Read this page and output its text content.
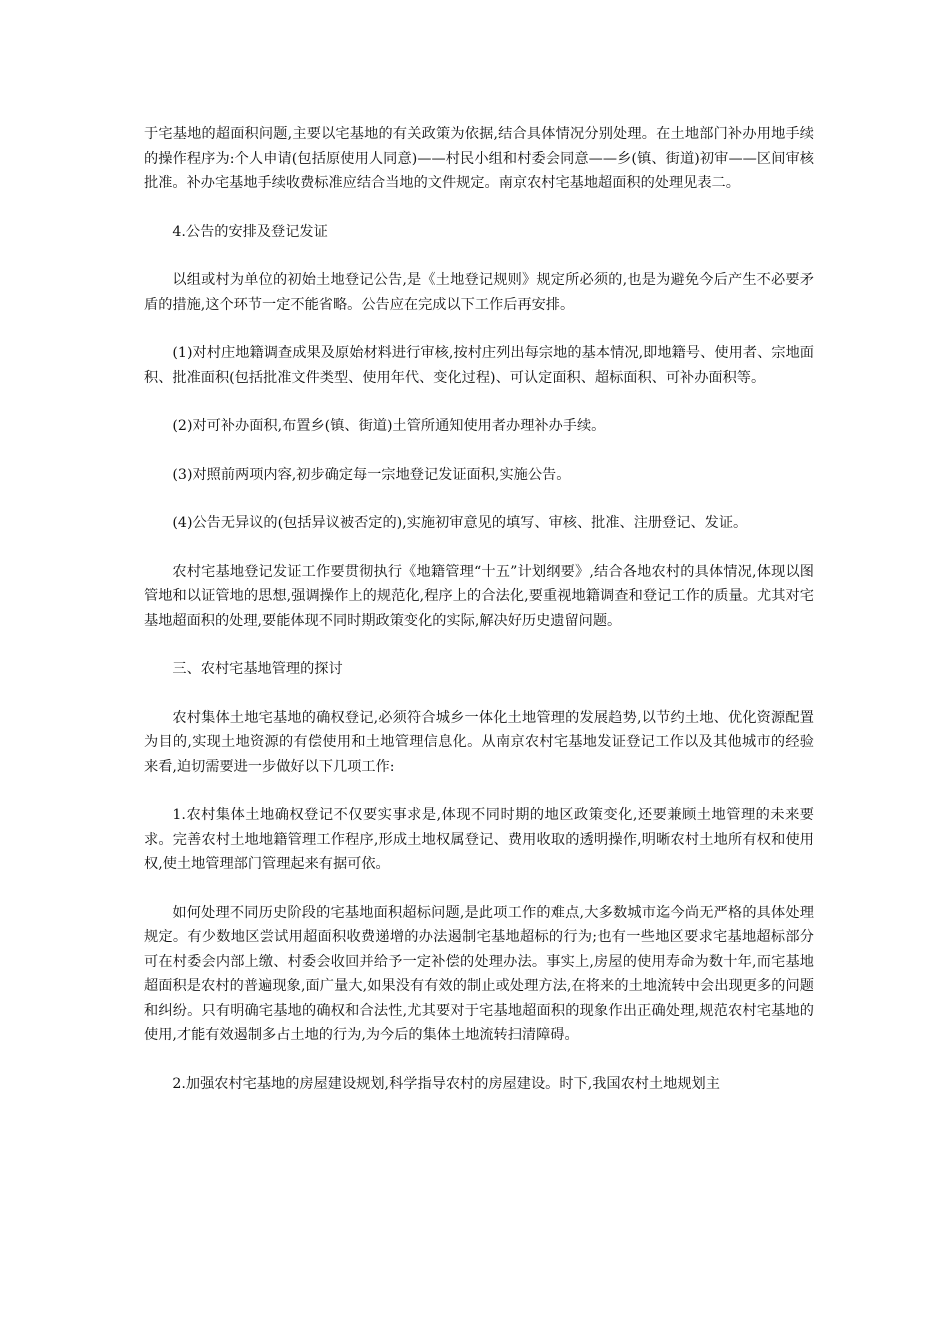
于宅基地的超面积问题,主要以宅基地的有关政策为依据,结合具体情况分别处理。在土地部门补办用地手续的操作程序为:个人申请(包括原使用人同意)——村民小组和村委会同意——乡(镇、街道)初审——区间审核批准。补办宅基地手续收费标准应结合当地的文件规定。南京农村宅基地超面积的处理见表二。

4.公告的安排及登记发证

以组或村为单位的初始土地登记公告,是《土地登记规则》规定所必须的,也是为避免今后产生不必要矛盾的措施,这个环节一定不能省略。公告应在完成以下工作后再安排。

(1)对村庄地籍调查成果及原始材料进行审核,按村庄列出每宗地的基本情况,即地籍号、使用者、宗地面积、批准面积(包括批准文件类型、使用年代、变化过程)、可认定面积、超标面积、可补办面积等。

(2)对可补办面积,布置乡(镇、街道)土管所通知使用者办理补办手续。

(3)对照前两项内容,初步确定每一宗地登记发证面积,实施公告。

(4)公告无异议的(包括异议被否定的),实施初审意见的填写、审核、批准、注册登记、发证。

农村宅基地登记发证工作要贯彻执行《地籍管理“十五”计划纲要》,结合各地农村的具体情况,体现以图管地和以证管地的思想,强调操作上的规范化,程序上的合法化,要重视地籍调查和登记工作的质量。尤其对宅基地超面积的处理,要能体现不同时期政策变化的实际,解决好历史遗留问题。

三、农村宅基地管理的探讨

农村集体土地宅基地的确权登记,必须符合城乡一体化土地管理的发展趋势,以节约土地、优化资源配置为目的,实现土地资源的有偿使用和土地管理信息化。从南京农村宅基地发证登记工作以及其他城市的经验来看,迫切需要进一步做好以下几项工作:

1.农村集体土地确权登记不仅要实事求是,体现不同时期的地区政策变化,还要兼顾土地管理的未来要求。完善农村土地地籍管理工作程序,形成土地权属登记、费用收取的透明操作,明晰农村土地所有权和使用权,使土地管理部门管理起来有据可依。

如何处理不同历史阶段的宅基地面积超标问题,是此项工作的难点,大多数城市迄今尚无严格的具体处理规定。有少数地区尝试用超面积收费递增的办法遏制宅基地超标的行为;也有一些地区要求宅基地超标部分可在村委会内部上缴、村委会收回并给予一定补偿的处理办法。事实上,房屋的使用寿命为数十年,而宅基地超面积是农村的普遍现象,面广量大,如果没有有效的制止或处理方法,在将来的土地流转中会出现更多的问题和纠纷。只有明确宅基地的确权和合法性,尤其要对于宅基地超面积的现象作出正确处理,规范农村宅基地的使用,才能有效遏制多占土地的行为,为今后的集体土地流转扫清障碍。

2.加强农村宅基地的房屋建设规划,科学指导农村的房屋建设。时下,我国农村土地规划主
